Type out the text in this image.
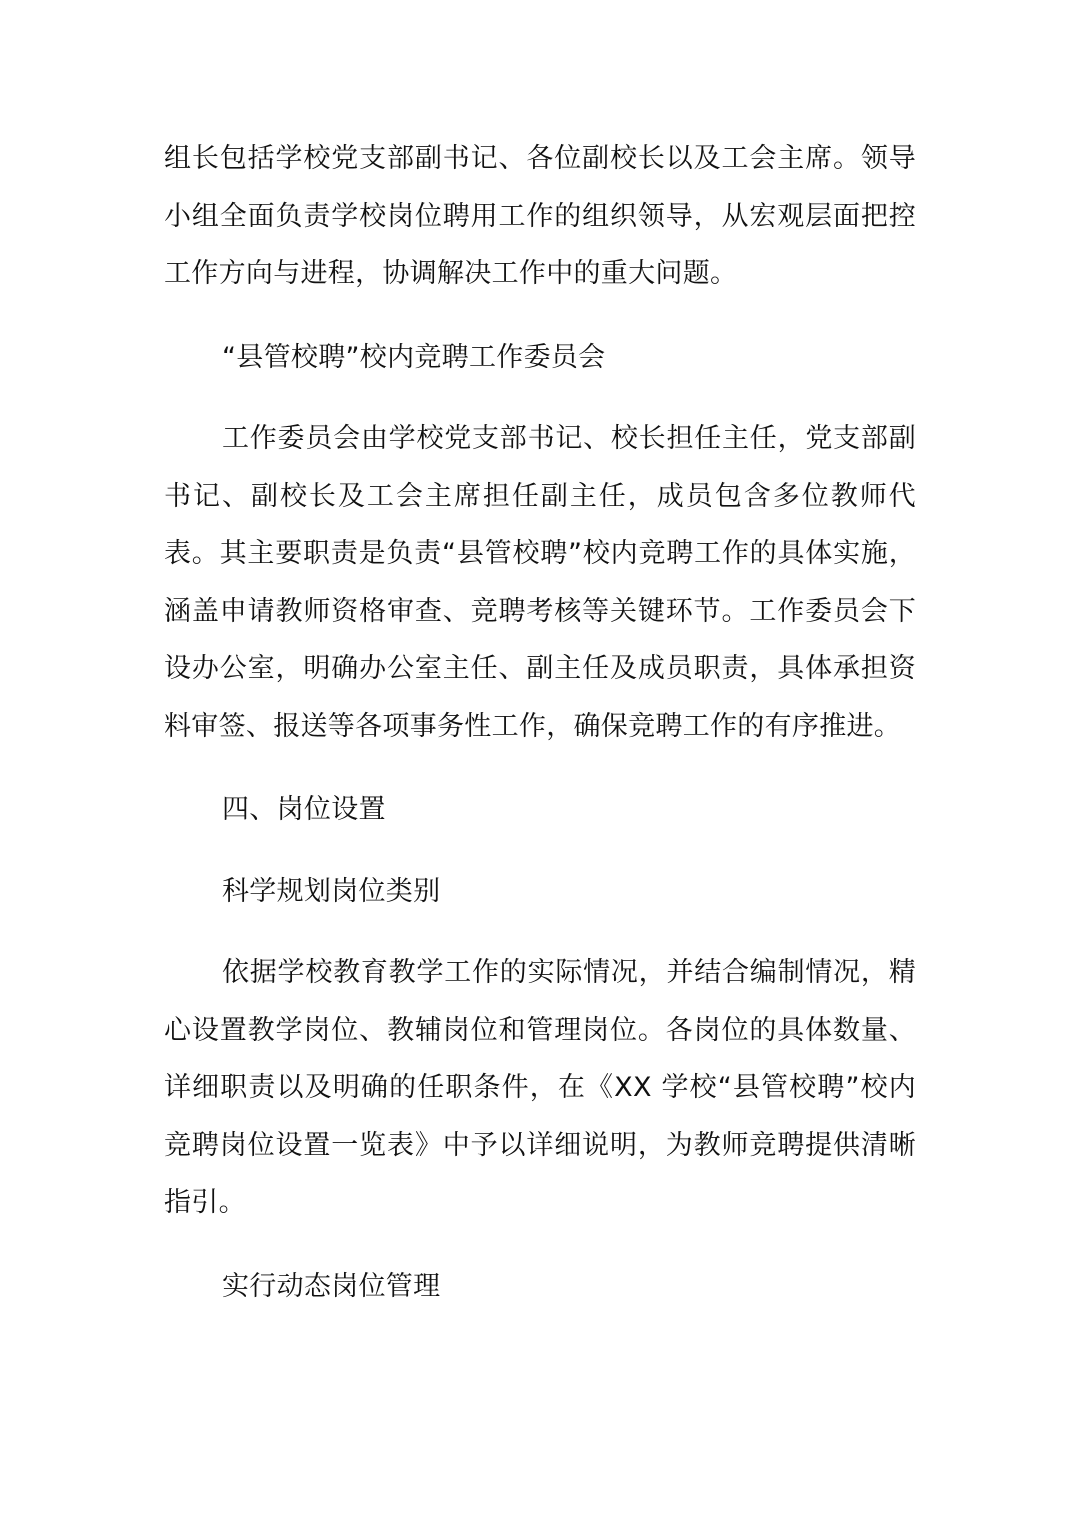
组长包括学校党支部副书记、各位副校长以及工会主席。领导小组全面负责学校岗位聘用工作的组织领导，从宏观层面把控工作方向与进程，协调解决工作中的重大问题。

“县管校聘”校内竞聘工作委员会

工作委员会由学校党支部书记、校长担任主任，党支部副书记、副校长及工会主席担任副主任，成员包含多位教师代表。其主要职责是负责“县管校聘”校内竞聘工作的具体实施，涵盖申请教师资格审查、竞聘考核等关键环节。工作委员会下设办公室，明确办公室主任、副主任及成员职责，具体承担资料审签、报送等各项事务性工作，确保竞聘工作的有序推进。

四、岗位设置

科学规划岗位类别

依据学校教育教学工作的实际情况，并结合编制情况，精心设置教学岗位、教辅岗位和管理岗位。各岗位的具体数量、详细职责以及明确的任职条件，在《XX 学校“县管校聘”校内竞聘岗位设置一览表》中予以详细说明，为教师竞聘提供清晰指引。

实行动态岗位管理
